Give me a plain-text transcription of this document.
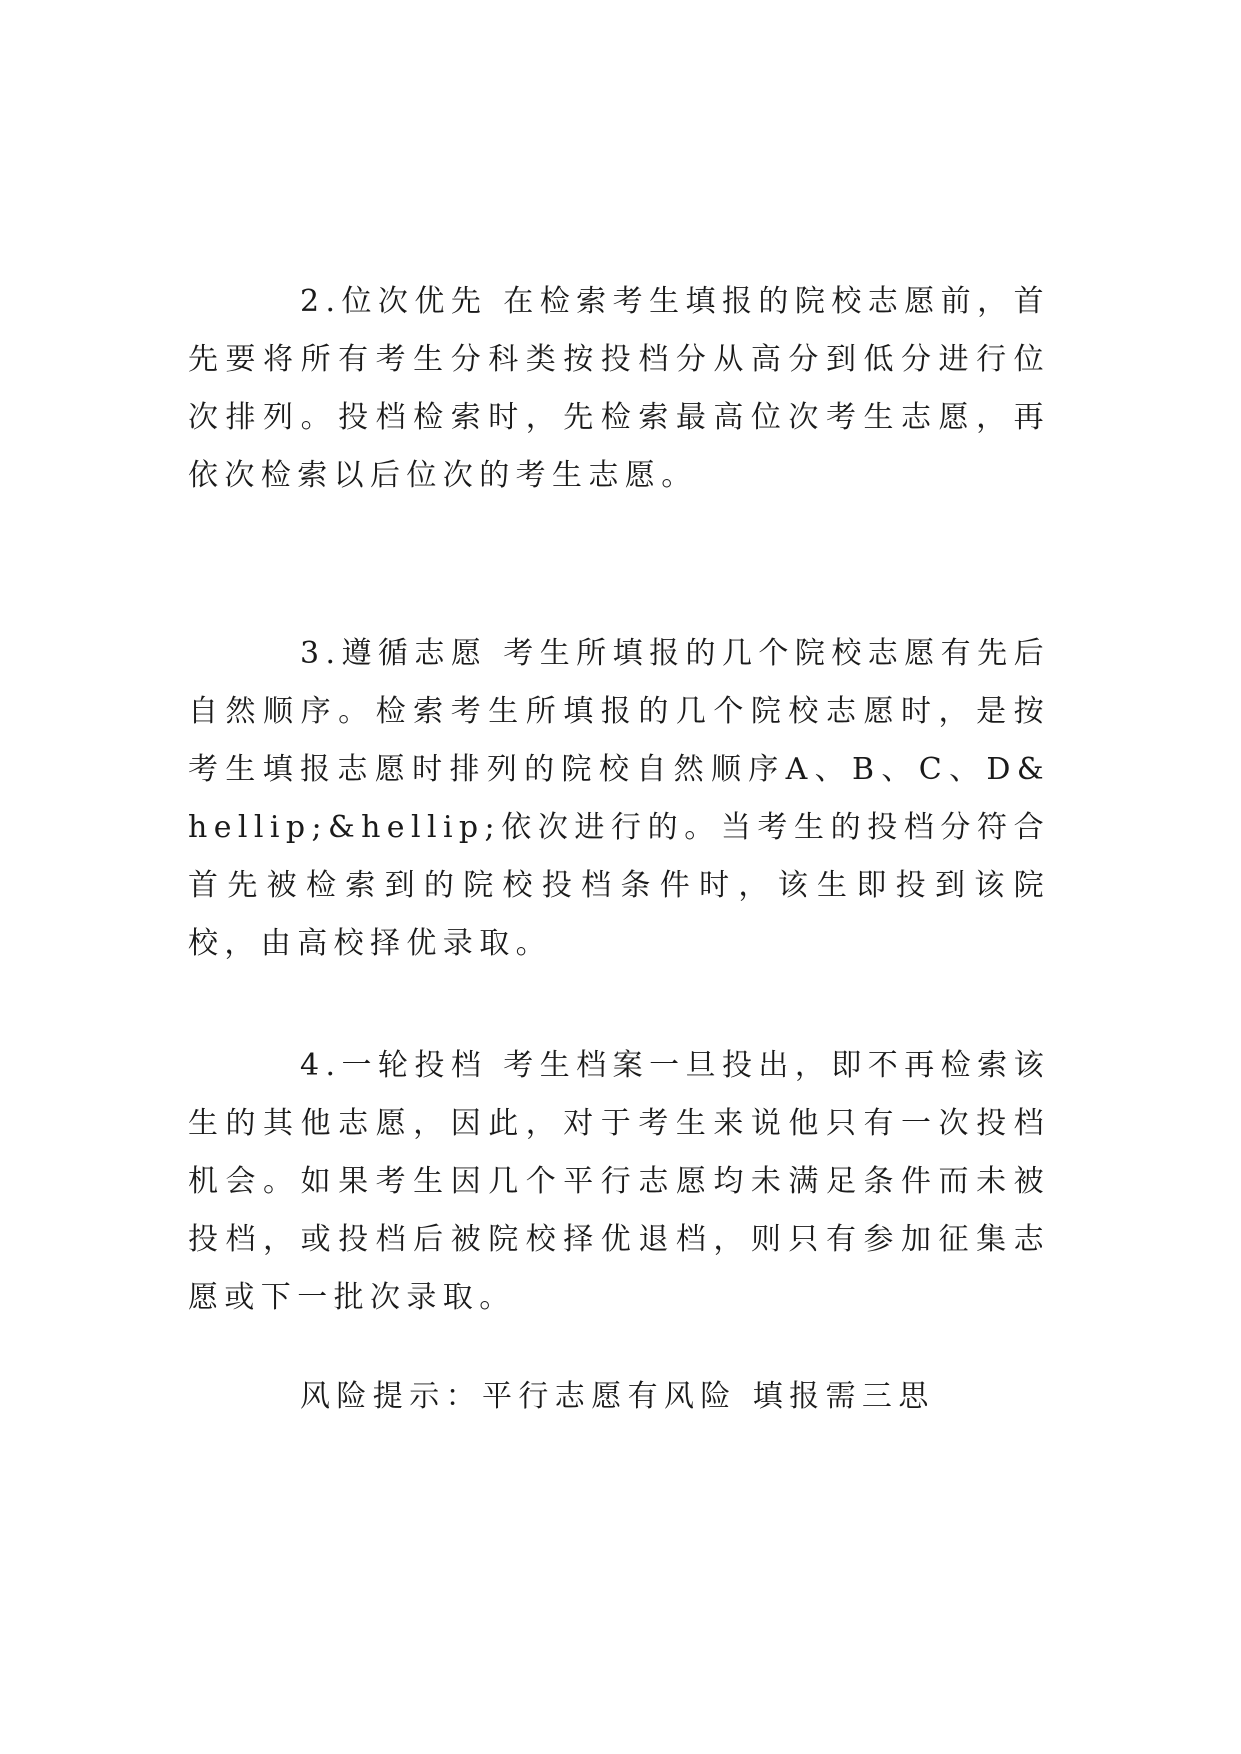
2.位次优先 在检索考生填报的院校志愿前，首先要将所有考生分科类按投档分从高分到低分进行位次排列。投档检索时，先检索最高位次考生志愿，再依次检索以后位次的考生志愿。

3.遵循志愿 考生所填报的几个院校志愿有先后自然顺序。检索考生所填报的几个院校志愿时，是按考生填报志愿时排列的院校自然顺序A、B、C、D&hellip;&hellip;依次进行的。当考生的投档分符合首先被检索到的院校投档条件时，该生即投到该院校，由高校择优录取。

4.一轮投档 考生档案一旦投出，即不再检索该生的其他志愿，因此，对于考生来说他只有一次投档机会。如果考生因几个平行志愿均未满足条件而未被投档，或投档后被院校择优退档，则只有参加征集志愿或下一批次录取。

风险提示：平行志愿有风险 填报需三思
